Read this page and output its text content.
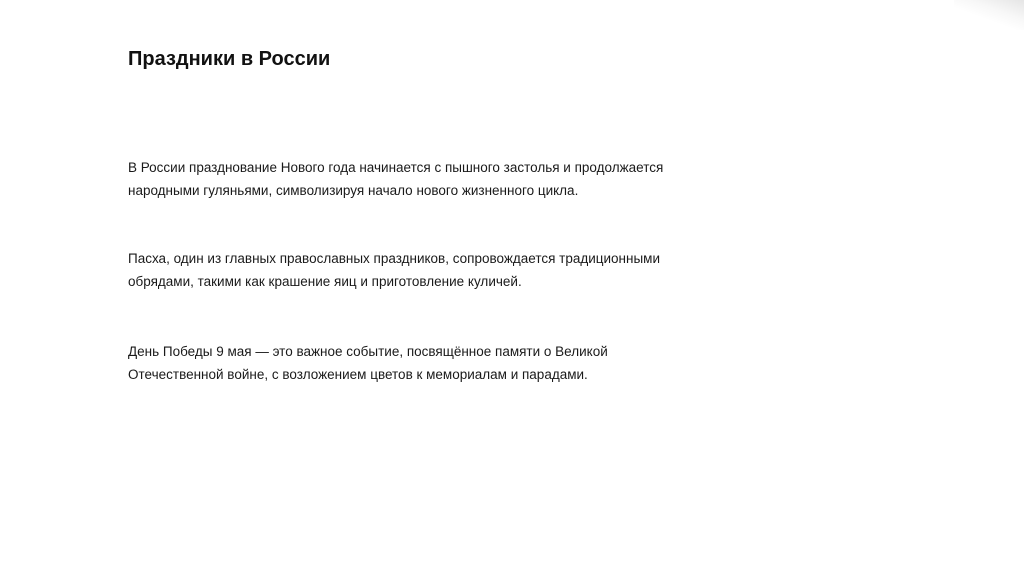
Праздники в России

В России празднование Нового года начинается с пышного застолья и продолжается
народными гуляньями, символизируя начало нового жизненного цикла.

Пасха, один из главных православных праздников, сопровождается традиционными
обрядами, такими как крашение яиц и приготовление куличей.

День Победы 9 мая — это важное событие, посвящённое памяти о Великой
Отечественной войне, с возложением цветов к мемориалам и парадами.
